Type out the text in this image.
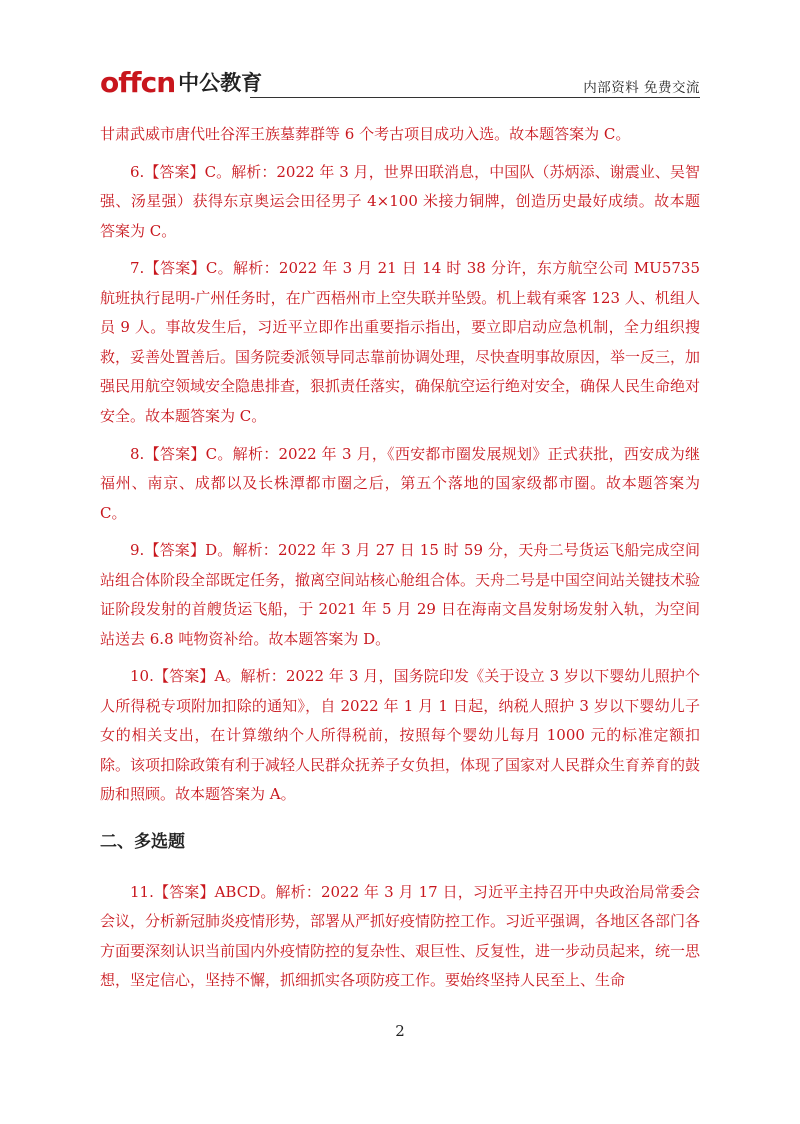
offcn 中公教育	内部资料 免费交流

甘肃武威市唐代吐谷浑王族墓葬群等 6 个考古项目成功入选。故本题答案为 C。

6.【答案】C。解析：2022 年 3 月，世界田联消息，中国队（苏炳添、谢震业、吴智强、汤星强）获得东京奥运会田径男子 4×100 米接力铜牌，创造历史最好成绩。故本题答案为 C。

7.【答案】C。解析：2022 年 3 月 21 日 14 时 38 分许，东方航空公司 MU5735 航班执行昆明-广州任务时，在广西梧州市上空失联并坠毁。机上载有乘客 123 人、机组人员 9 人。事故发生后，习近平立即作出重要指示指出，要立即启动应急机制，全力组织搜救，妥善处置善后。国务院委派领导同志靠前协调处理，尽快查明事故原因，举一反三，加强民用航空领域安全隐患排查，狠抓责任落实，确保航空运行绝对安全，确保人民生命绝对安全。故本题答案为 C。

8.【答案】C。解析：2022 年 3 月，《西安都市圈发展规划》正式获批，西安成为继福州、南京、成都以及长株潭都市圈之后，第五个落地的国家级都市圈。故本题答案为 C。

9.【答案】D。解析：2022 年 3 月 27 日 15 时 59 分，天舟二号货运飞船完成空间站组合体阶段全部既定任务，撤离空间站核心舱组合体。天舟二号是中国空间站关键技术验证阶段发射的首艘货运飞船，于 2021 年 5 月 29 日在海南文昌发射场发射入轨，为空间站送去 6.8 吨物资补给。故本题答案为 D。

10.【答案】A。解析：2022 年 3 月，国务院印发《关于设立 3 岁以下婴幼儿照护个人所得税专项附加扣除的通知》，自 2022 年 1 月 1 日起，纳税人照护 3 岁以下婴幼儿子女的相关支出，在计算缴纳个人所得税前，按照每个婴幼儿每月 1000 元的标准定额扣除。该项扣除政策有利于减轻人民群众抚养子女负担，体现了国家对人民群众生育养育的鼓励和照顾。故本题答案为 A。

二、多选题

11.【答案】ABCD。解析：2022 年 3 月 17 日，习近平主持召开中央政治局常委会会议，分析新冠肺炎疫情形势，部署从严抓好疫情防控工作。习近平强调，各地区各部门各方面要深刻认识当前国内外疫情防控的复杂性、艰巨性、反复性，进一步动员起来，统一思想，坚定信心，坚持不懈，抓细抓实各项防疫工作。要始终坚持人民至上、生命

2
